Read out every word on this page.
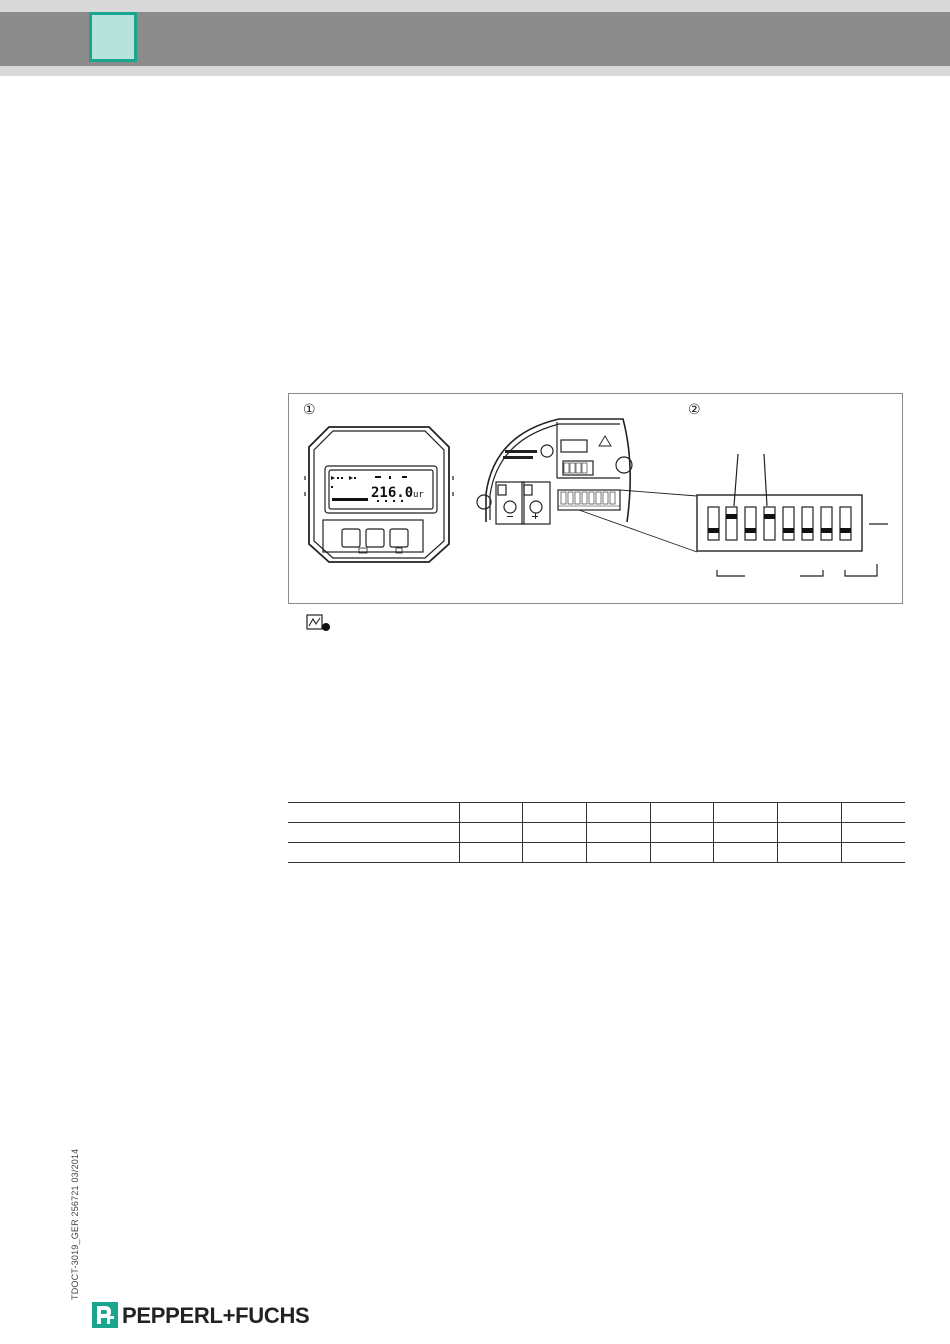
①	②
216.0 ur

TDOCT-3019_GER 256721 03/2014
PEPPERL+FUCHS
